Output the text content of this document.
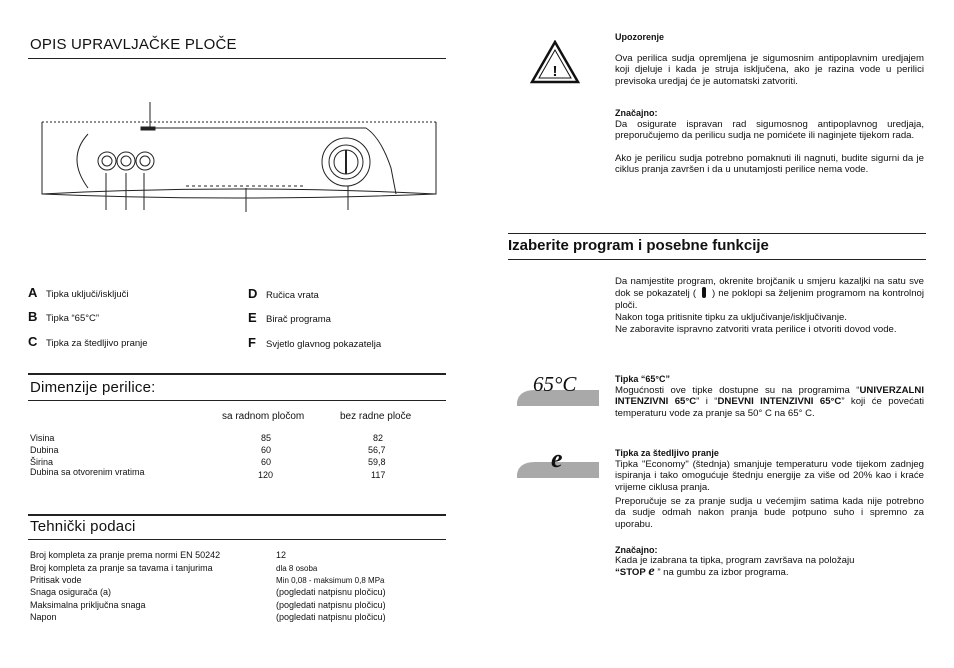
OPIS UPRAVLJAČKE PLOČE
A Tipka uključi/isključi
B Tipka “65°C”
C Tipka za štedljivo pranje
D Ručica vrata
E Birač programa
F Svjetlo glavnog pokazatelja
Dimenzije perilice:
sa radnom pločom	bez radne ploče
Visina	85	82
Dubina	60	56,7
Širina	60	59,8
Dubina sa otvorenim vratima	120	117
Tehnički podaci
Broj kompleta za pranje prema normi EN 50242	12
Broj kompleta za pranje sa tavama i tanjurima	dla 8 osoba
Pritisak vode	Min 0,08 - maksimum 0,8 MPa
Snaga osigurača (a)	(pogledati natpisnu pločicu)
Maksimalna priključna snaga	(pogledati natpisnu pločicu)
Napon	(pogledati natpisnu pločicu)
!
Upozorenje
Ova perilica sudja opremljena je sigumosnim antipoplavnim uredjajem koji djeluje i kada je struja isključena, ako je razina vode u perilici previsoka uredjaj će je automatski zatvoriti.
Značajno:
Da osigurate ispravan rad sigumosnog antipoplavnog uredjaja, preporučujemo da perilicu sudja ne pomićete ili naginjete tijekom rada.
Ako je perilicu sudja potrebno pomaknuti ili nagnuti, budite sigurni da je ciklus pranja završen i da u unutamjosti perilice nema vode.
Izaberite program i posebne funkcije
Da namjestite program, okrenite brojčanik u smjeru kazaljki na satu sve dok se pokazatelj ( ) ne poklopi sa željenim programom na kontrolnoj ploči.
Nakon toga pritisnite tipku za uključivanje/isključivanje.
Ne zaboravite ispravno zatvoriti vrata perilice i otvoriti dovod vode.
65°C	Tipka “65°C”
Mogućnosti ove tipke dostupne su na programima “UNIVERZALNI INTENZIVNI 65°C” i “DNEVNI INTENZIVNI 65°C” koji će povećati temperaturu vode za pranje sa 50° C na 65° C.
e	Tipka za štedljivo pranje
Tipka "Economy" (štednja) smanjuje temperaturu vode tijekom zadnjeg ispiranja i tako omogućuje štednju energije za više od 20% kao i kraće vrijeme ciklusa pranja.
Preporučuje se za pranje sudja u većemjim satima kada nije potrebno da sudje odmah nakon pranja bude potpuno suho i spremno za uporabu.
Značajno:
Kada je izabrana ta tipka, program završava na položaju
“STOP e ” na gumbu za izbor programa.
